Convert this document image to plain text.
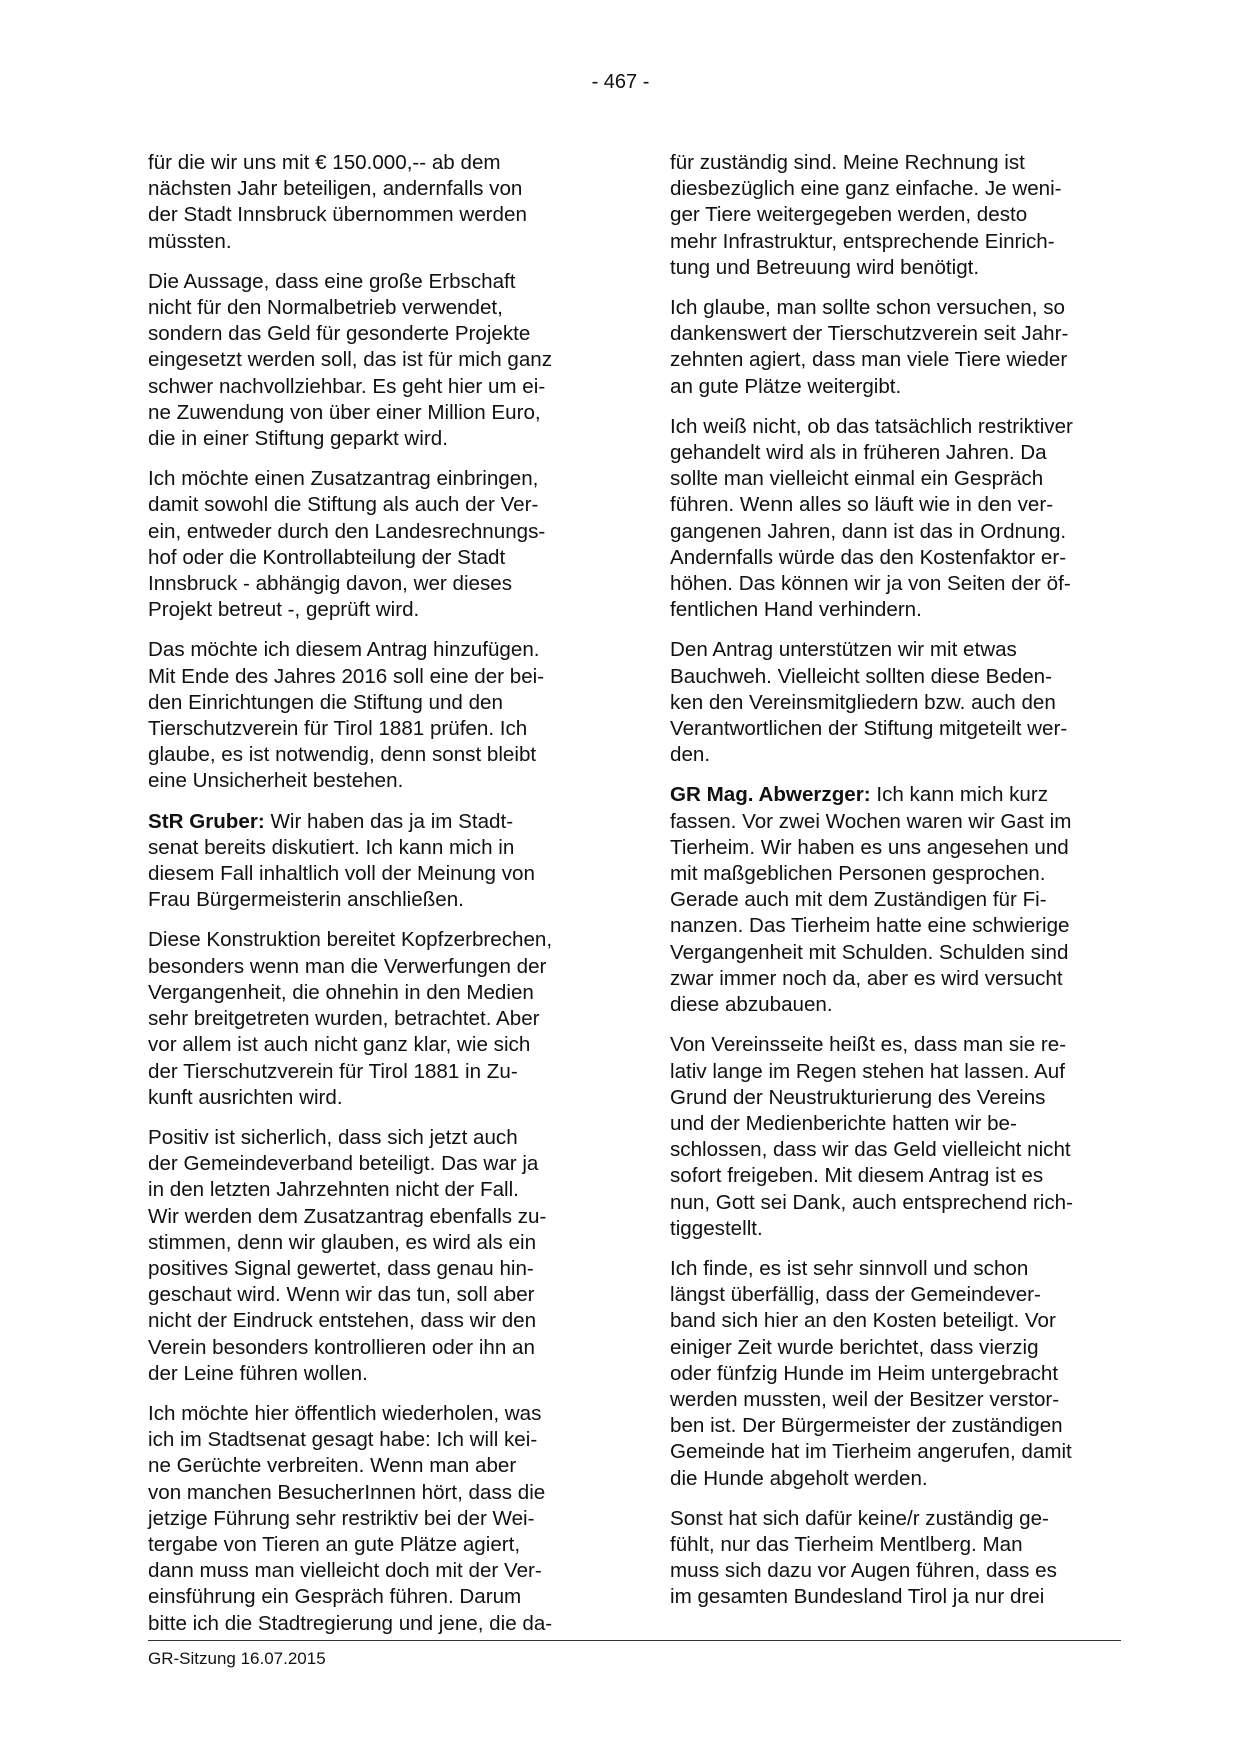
- 467 -

für die wir uns mit € 150.000,-- ab dem
nächsten Jahr beteiligen, andernfalls von
der Stadt Innsbruck übernommen werden
müssten.

Die Aussage, dass eine große Erbschaft
nicht für den Normalbetrieb verwendet,
sondern das Geld für gesonderte Projekte
eingesetzt werden soll, das ist für mich ganz
schwer nachvollziehbar. Es geht hier um ei-
ne Zuwendung von über einer Million Euro,
die in einer Stiftung geparkt wird.

Ich möchte einen Zusatzantrag einbringen,
damit sowohl die Stiftung als auch der Ver-
ein, entweder durch den Landesrechnungs-
hof oder die Kontrollabteilung der Stadt
Innsbruck - abhängig davon, wer dieses
Projekt betreut -, geprüft wird.

Das möchte ich diesem Antrag hinzufügen.
Mit Ende des Jahres 2016 soll eine der bei-
den Einrichtungen die Stiftung und den
Tierschutzverein für Tirol 1881 prüfen. Ich
glaube, es ist notwendig, denn sonst bleibt
eine Unsicherheit bestehen.

StR Gruber: Wir haben das ja im Stadt-
senat bereits diskutiert. Ich kann mich in
diesem Fall inhaltlich voll der Meinung von
Frau Bürgermeisterin anschließen.

Diese Konstruktion bereitet Kopfzerbrechen,
besonders wenn man die Verwerfungen der
Vergangenheit, die ohnehin in den Medien
sehr breitgetreten wurden, betrachtet. Aber
vor allem ist auch nicht ganz klar, wie sich
der Tierschutzverein für Tirol 1881 in Zu-
kunft ausrichten wird.

Positiv ist sicherlich, dass sich jetzt auch
der Gemeindeverband beteiligt. Das war ja
in den letzten Jahrzehnten nicht der Fall.
Wir werden dem Zusatzantrag ebenfalls zu-
stimmen, denn wir glauben, es wird als ein
positives Signal gewertet, dass genau hin-
geschaut wird. Wenn wir das tun, soll aber
nicht der Eindruck entstehen, dass wir den
Verein besonders kontrollieren oder ihn an
der Leine führen wollen.

Ich möchte hier öffentlich wiederholen, was
ich im Stadtsenat gesagt habe: Ich will kei-
ne Gerüchte verbreiten. Wenn man aber
von manchen BesucherInnen hört, dass die
jetzige Führung sehr restriktiv bei der Wei-
tergabe von Tieren an gute Plätze agiert,
dann muss man vielleicht doch mit der Ver-
einsführung ein Gespräch führen. Darum
bitte ich die Stadtregierung und jene, die da-

für zuständig sind. Meine Rechnung ist
diesbezüglich eine ganz einfache. Je weni-
ger Tiere weitergegeben werden, desto
mehr Infrastruktur, entsprechende Einrich-
tung und Betreuung wird benötigt.

Ich glaube, man sollte schon versuchen, so
dankenswert der Tierschutzverein seit Jahr-
zehnten agiert, dass man viele Tiere wieder
an gute Plätze weitergibt.

Ich weiß nicht, ob das tatsächlich restriktiver
gehandelt wird als in früheren Jahren. Da
sollte man vielleicht einmal ein Gespräch
führen. Wenn alles so läuft wie in den ver-
gangenen Jahren, dann ist das in Ordnung.
Andernfalls würde das den Kostenfaktor er-
höhen. Das können wir ja von Seiten der öf-
fentlichen Hand verhindern.

Den Antrag unterstützen wir mit etwas
Bauchweh. Vielleicht sollten diese Beden-
ken den Vereinsmitgliedern bzw. auch den
Verantwortlichen der Stiftung mitgeteilt wer-
den.

GR Mag. Abwerzger: Ich kann mich kurz
fassen. Vor zwei Wochen waren wir Gast im
Tierheim. Wir haben es uns angesehen und
mit maßgeblichen Personen gesprochen.
Gerade auch mit dem Zuständigen für Fi-
nanzen. Das Tierheim hatte eine schwierige
Vergangenheit mit Schulden. Schulden sind
zwar immer noch da, aber es wird versucht
diese abzubauen.

Von Vereinsseite heißt es, dass man sie re-
lativ lange im Regen stehen hat lassen. Auf
Grund der Neustrukturierung des Vereins
und der Medienberichte hatten wir be-
schlossen, dass wir das Geld vielleicht nicht
sofort freigeben. Mit diesem Antrag ist es
nun, Gott sei Dank, auch entsprechend rich-
tiggestellt.

Ich finde, es ist sehr sinnvoll und schon
längst überfällig, dass der Gemeindever-
band sich hier an den Kosten beteiligt. Vor
einiger Zeit wurde berichtet, dass vierzig
oder fünfzig Hunde im Heim untergebracht
werden mussten, weil der Besitzer verstor-
ben ist. Der Bürgermeister der zuständigen
Gemeinde hat im Tierheim angerufen, damit
die Hunde abgeholt werden.

Sonst hat sich dafür keine/r zuständig ge-
fühlt, nur das Tierheim Mentlberg. Man
muss sich dazu vor Augen führen, dass es
im gesamten Bundesland Tirol ja nur drei

GR-Sitzung 16.07.2015
